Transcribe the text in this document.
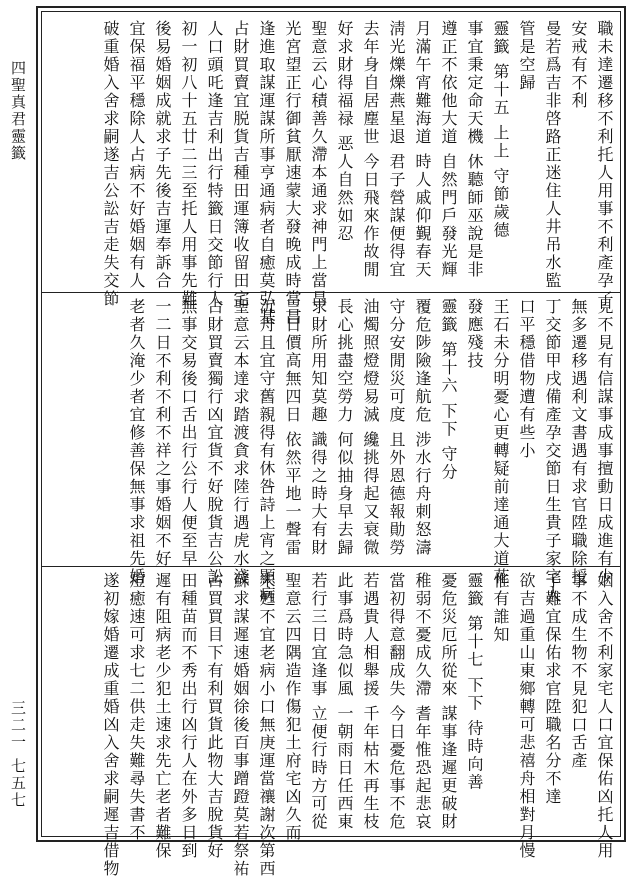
四聖真君靈籤
三二一 七五七
職未達遷移不利托人用事不利產孕子
安戒有不利
曼若爲吉非啓路正迷住人井吊水監
管是空歸
靈籤 第十五 上上 守節歲德
事宜秉定命天機 休聽師巫說是非
遵正不依他大道 自然門戶發光輝
月滿午宵難海道 時人戚仰覲春天
淸光爍爍燕星退 君子營謀便得宜
去年身自居塵世 今日飛來作故閒
好求財得福禄 恶人自然如忍
聖意云心積善久滯本通求神門上當昌
光宮望正行御貧厭速蒙大發晚成時當昌
逢進取謀運謀所事亨通病者自癒莫弘基
占財買賣宜脱貨吉種田運簿收留田宅
人口頭吒逢吉利出行特籤日交節行人
初一初八十五廿二三至托人用事先難
後易婚姻成就求子先後吉運奉訴合
宜保福平穩除人占病不好婚姻有人
破重婚入舍求嗣遂吉公訟吉走失交節
見不見有信謀事成事擅動日成進有少
無多遷移遇利文書遇有求官陞職除授
丁交節甲戌備產孕交節日生貴子家宅人
口平穩借物遭有些小
王石未分明憂心更轉疑前達通大道花
發應殘技
靈籤 第十六 下下 守分
覆危陟險逢航危 涉水行舟刺怒濤
守分安閒災可度 且外恩德報勛勞
油燭照燈燈易滅 纔挑得起又衰微
長心挑盡空勞力 何似抽身早去歸
求財所用知莫趣 識得之時大有財
三日價高無四日 依然平地一聲雷
沉舟且宜守舊親得有休咎詩上宵之顯病
聖意云本達求踏渡貪求陸行遇虎水淺
占財買賣獨行凶宜貨不好脫貨吉公訟
無事交易後口舌出行公行人便至早
一二日不利不利不祥之事婚姻不好
老者久淹少者宜修善保無事求祖先婚
姻入舍不利家宅人口宜保佑凶托人用
事不成生物不見犯口舌產
子難宜保佑求官陞職名分不達
欲吉過重山東鄉轉可悲禧舟相對月慢
惟有誰知
靈籤 第十七 下下 待時向善
憂危災厄所從來 謀事逢遲更破財
稚弱不憂成久滯 耆年惟恐起悲哀
當初得意翻成失 今日憂危事不危
若遇貴人相舉援 千年枯木再生枝
此事爲時急似風 一朝雨日任西東
若行三日宜逢事 立便行時方可從
聖意云四隅造作傷犯土府宅凶久而
未甦不宜老病小口無庚運當禳謝次第西
蘇求謀遲速婚姻徐後百事蹭蹬莫若祭祐
占買買目下有利買貨此物大吉脫貨好
田種苗而不秀出行凶行人在外多日到
遲有阻病老少犯土速求先亡老者難保
痘癒速可求七二供走失難尋失書不
遂初嫁婚遷成重婚凶入舍求嗣遲吉借物
